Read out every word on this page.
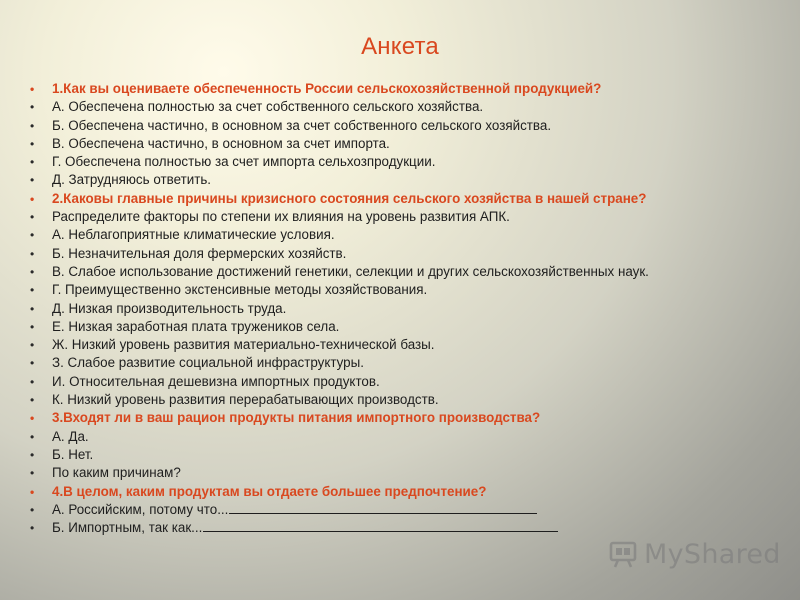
Анкета
• 1.Как вы оцениваете обеспеченность России сельскохозяйственной продукцией?
• А. Обеспечена полностью за счет собственного сельского хозяйства.
• Б. Обеспечена частично, в основном за счет собственного сельского хозяйства.
• В. Обеспечена частично, в основном за счет импорта.
• Г. Обеспечена полностью за счет импорта сельхозпродукции.
• Д. Затрудняюсь ответить.
• 2.Каковы главные причины кризисного состояния сельского хозяйства в нашей стране?
• Распределите факторы по степени их влияния на уровень развития АПК.
• А. Неблагоприятные климатические условия.
• Б. Незначительная доля фермерских хозяйств.
• В. Слабое использование достижений генетики, селекции и других сельскохозяйственных наук.
• Г. Преимущественно экстенсивные методы хозяйствования.
• Д. Низкая производительность труда.
• Е. Низкая заработная плата тружеников села.
• Ж. Низкий уровень развития материально-технической базы.
• З. Слабое развитие социальной инфраструктуры.
• И. Относительная дешевизна импортных продуктов.
• К. Низкий уровень развития перерабатывающих производств.
• 3.Входят ли в ваш рацион продукты питания импортного производства?
• А. Да.
• Б. Нет.
• По каким причинам?
• 4.В целом, каким продуктам вы отдаете большее предпочтение?
• А. Российским, потому что...
• Б. Импортным, так как...
MyShared
